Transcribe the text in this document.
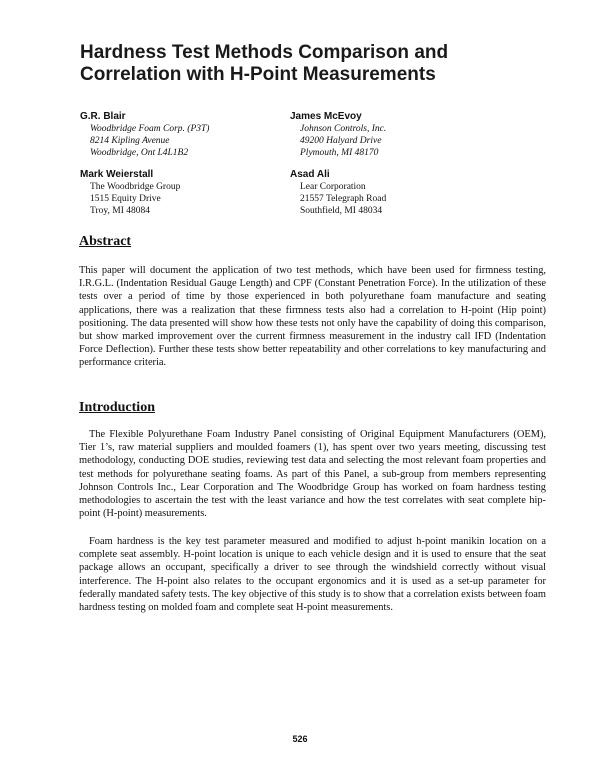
Hardness Test Methods Comparison and Correlation with H-Point Measurements
G.R. Blair
Woodbridge Foam Corp. (P3T)
8214 Kipling Avenue
Woodbridge, Ont L4L1B2
James McEvoy
Johnson Controls, Inc.
49200 Halyard Drive
Plymouth, MI 48170
Mark Weierstall
The Woodbridge Group
1515 Equity Drive
Troy, MI 48084
Asad Ali
Lear Corporation
21557 Telegraph Road
Southfield, MI 48034
Abstract

This paper will document the application of two test methods, which have been used for firmness testing, I.R.G.L. (Indentation Residual Gauge Length) and CPF (Constant Penetration Force). In the utilization of these tests over a period of time by those experienced in both polyurethane foam manufacture and seating applications, there was a realization that these firmness tests also had a correlation to H-point (Hip point) positioning. The data presented will show how these tests not only have the capability of doing this comparison, but show marked improvement over the current firmness measurement in the industry call IFD (Indentation Force Deflection). Further these tests show better repeatability and other correlations to key manufacturing and performance criteria.

Introduction

The Flexible Polyurethane Foam Industry Panel consisting of Original Equipment Manufacturers (OEM), Tier 1’s, raw material suppliers and moulded foamers (1), has spent over two years meeting, discussing test methodology, conducting DOE studies, reviewing test data and selecting the most relevant foam properties and test methods for polyurethane seating foams. As part of this Panel, a sub-group from members representing Johnson Controls Inc., Lear Corporation and The Woodbridge Group has worked on foam hardness testing methodologies to ascertain the test with the least variance and how the test correlates with seat complete hip-point (H-point) measurements.

Foam hardness is the key test parameter measured and modified to adjust h-point manikin location on a complete seat assembly. H-point location is unique to each vehicle design and it is used to ensure that the seat package allows an occupant, specifically a driver to see through the windshield correctly without visual interference. The H-point also relates to the occupant ergonomics and it is used as a set-up parameter for federally mandated safety tests. The key objective of this study is to show that a correlation exists between foam hardness testing on molded foam and complete seat H-point measurements.

526
